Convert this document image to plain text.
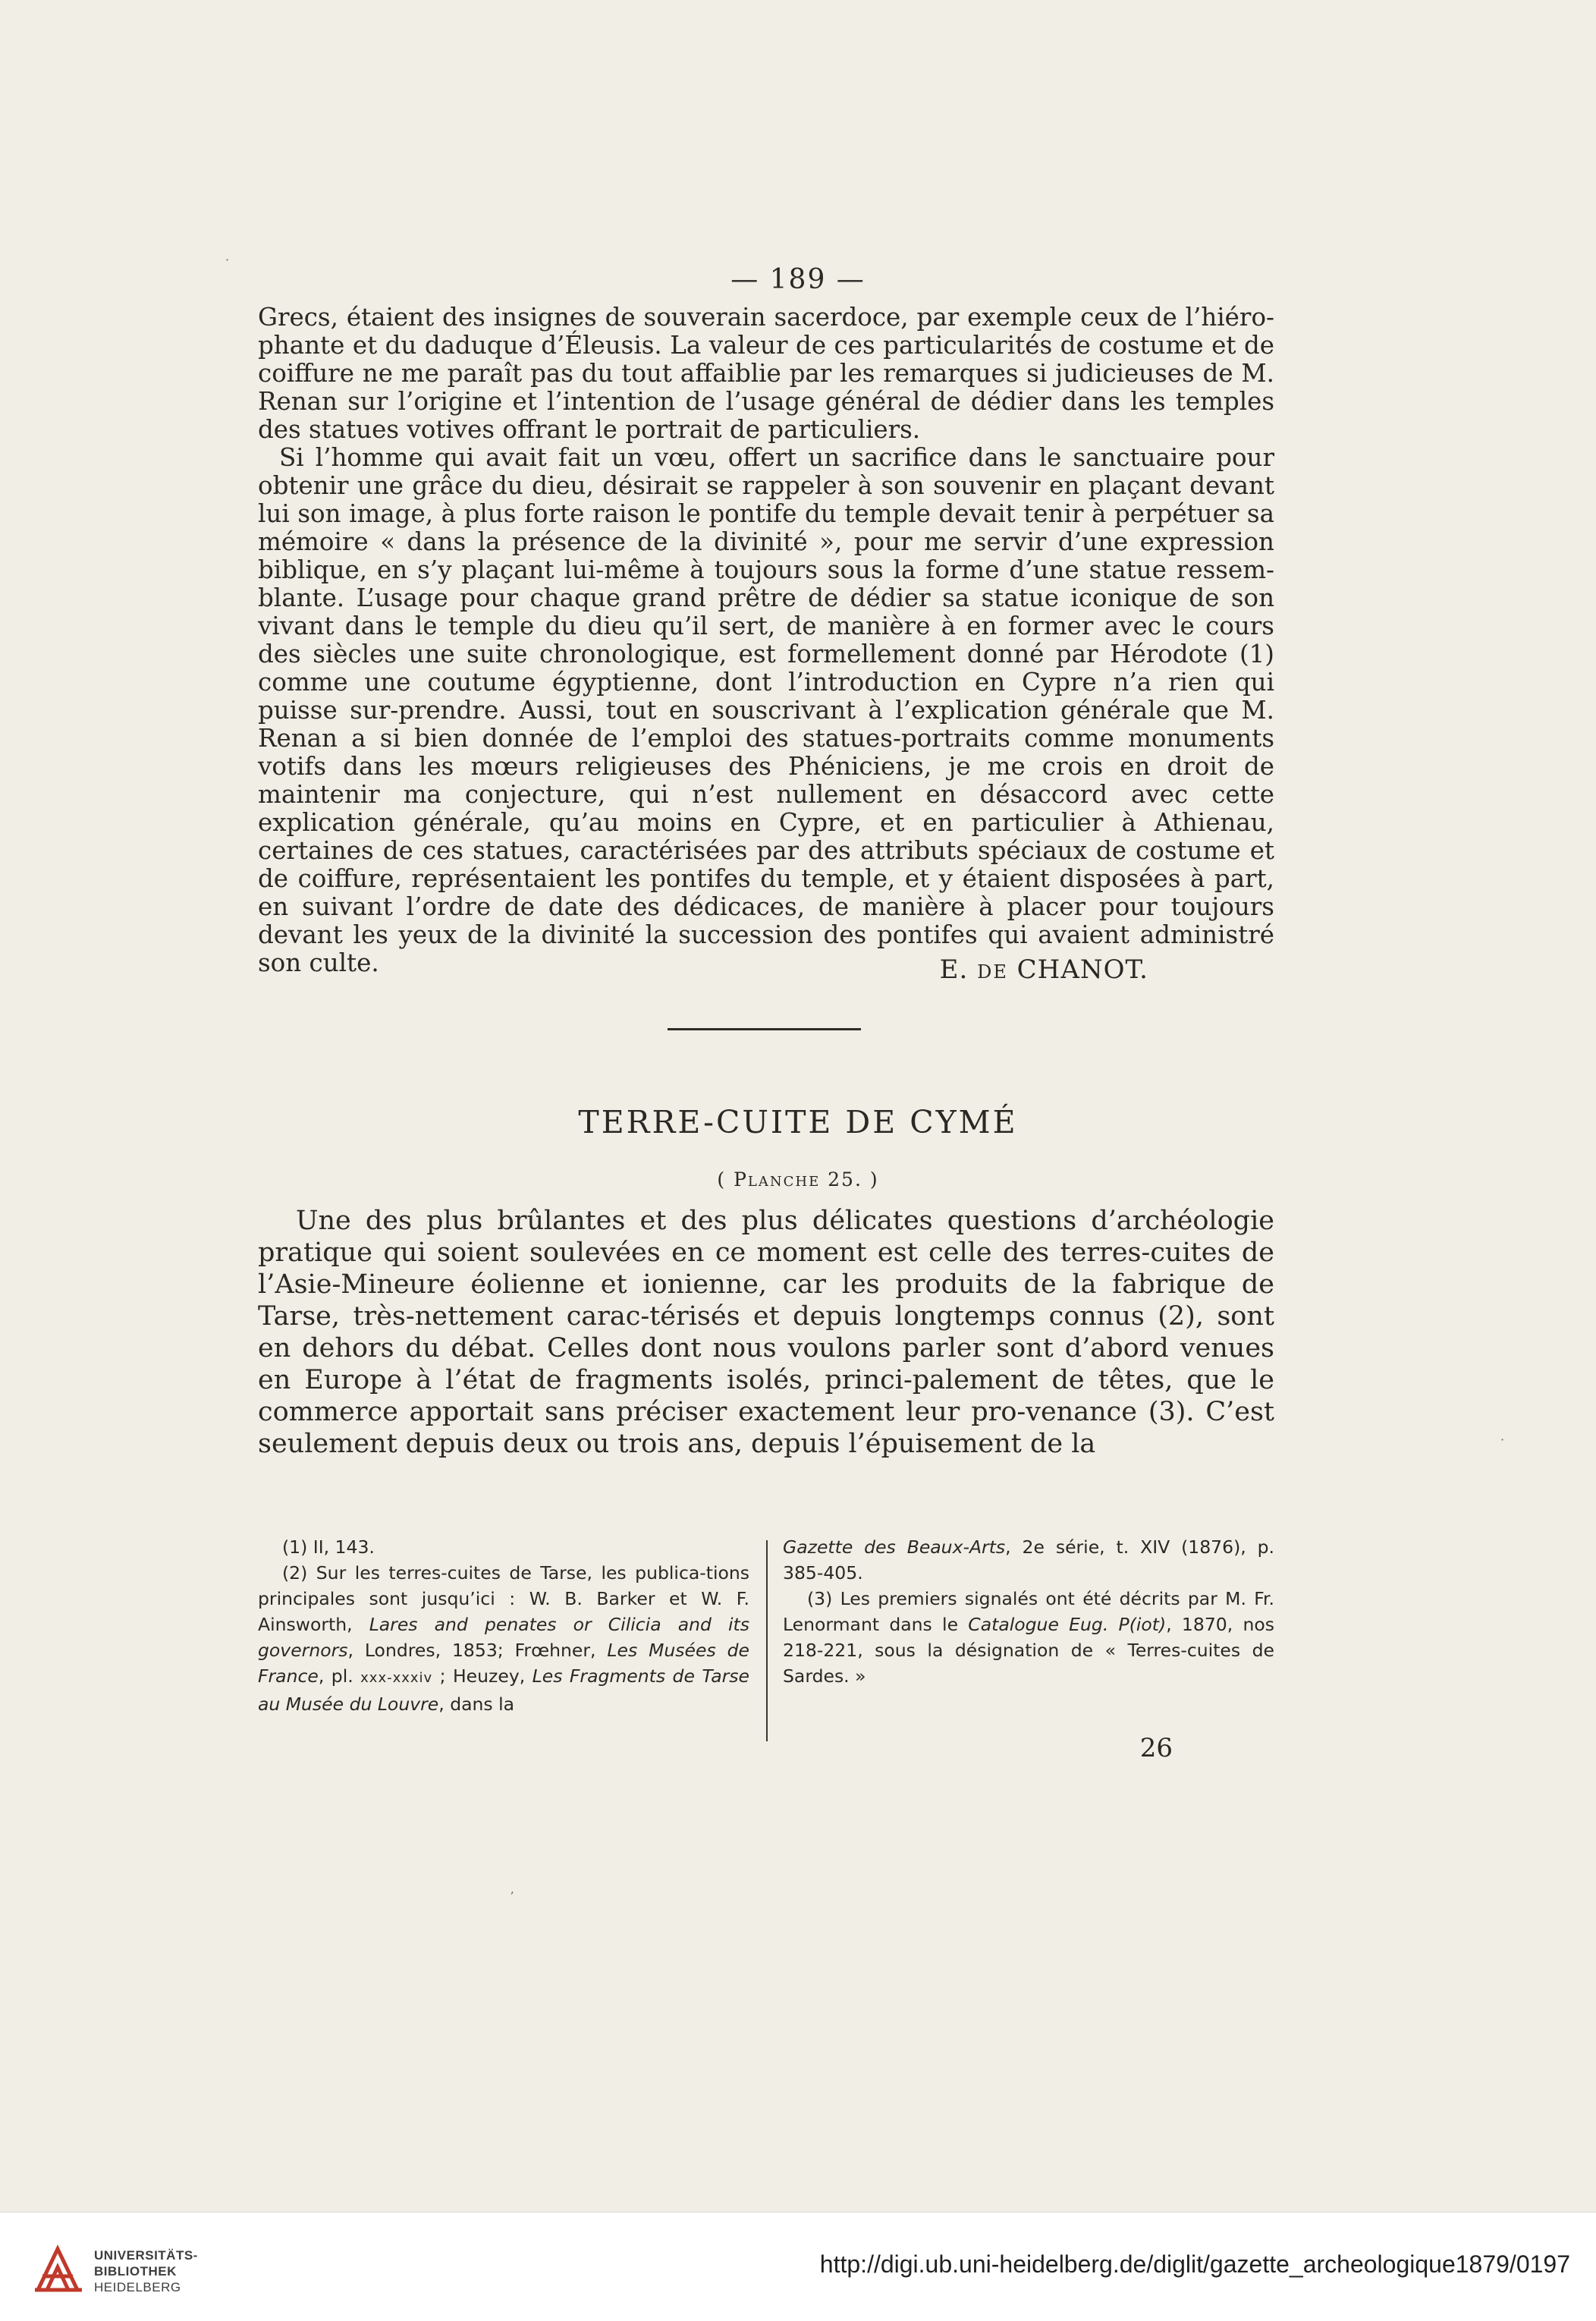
— 189 —

Grecs, étaient des insignes de souverain sacerdoce, par exemple ceux de l’hiéro-phante et du daduque d’Éleusis. La valeur de ces particularités de costume et de coiffure ne me paraît pas du tout affaiblie par les remarques si judicieuses de M. Renan sur l’origine et l’intention de l’usage général de dédier dans les temples des statues votives offrant le portrait de particuliers.

Si l’homme qui avait fait un vœu, offert un sacrifice dans le sanctuaire pour obtenir une grâce du dieu, désirait se rappeler à son souvenir en plaçant devant lui son image, à plus forte raison le pontife du temple devait tenir à perpétuer sa mémoire « dans la présence de la divinité », pour me servir d’une expression biblique, en s’y plaçant lui-même à toujours sous la forme d’une statue ressem-blante. L’usage pour chaque grand prêtre de dédier sa statue iconique de son vivant dans le temple du dieu qu’il sert, de manière à en former avec le cours des siècles une suite chronologique, est formellement donné par Hérodote (1) comme une coutume égyptienne, dont l’introduction en Cypre n’a rien qui puisse sur-prendre. Aussi, tout en souscrivant à l’explication générale que M. Renan a si bien donnée de l’emploi des statues-portraits comme monuments votifs dans les mœurs religieuses des Phéniciens, je me crois en droit de maintenir ma conjecture, qui n’est nullement en désaccord avec cette explication générale, qu’au moins en Cypre, et en particulier à Athienau, certaines de ces statues, caractérisées par des attributs spéciaux de costume et de coiffure, représentaient les pontifes du temple, et y étaient disposées à part, en suivant l’ordre de date des dédicaces, de manière à placer pour toujours devant les yeux de la divinité la succession des pontifes qui avaient administré son culte.	E. DE CHANOT.
TERRE-CUITE DE CYMÉ
( Planche 25. )
Une des plus brûlantes et des plus délicates questions d’archéologie pratique qui soient soulevées en ce moment est celle des terres-cuites de l’Asie-Mineure éolienne et ionienne, car les produits de la fabrique de Tarse, très-nettement carac-térisés et depuis longtemps connus (2), sont en dehors du débat. Celles dont nous voulons parler sont d’abord venues en Europe à l’état de fragments isolés, princi-palement de têtes, que le commerce apportait sans préciser exactement leur pro-venance (3). C’est seulement depuis deux ou trois ans, depuis l’épuisement de la
(1) II, 143.
(2) Sur les terres-cuites de Tarse, les publica-tions principales sont jusqu’ici : W. B. Barker et W. F. Ainsworth, Lares and penates or Cilicia and its governors, Londres, 1853; Frœhner, Les Musées de France, pl. xxx-xxxiv ; Heuzey, Les Fragments de Tarse au Musée du Louvre, dans la
Gazette des Beaux-Arts, 2e série, t. XIV (1876), p. 385-405.
(3) Les premiers signalés ont été décrits par M. Fr. Lenormant dans le Catalogue Eug. P(iot), 1870, nos 218-221, sous la désignation de « Terres-cuites de Sardes. »
26
·
·
ʼ
UNIVERSITÄTS-
BIBLIOTHEK
HEIDELBERG
http://digi.ub.uni-heidelberg.de/diglit/gazette_archeologique1879/0197
